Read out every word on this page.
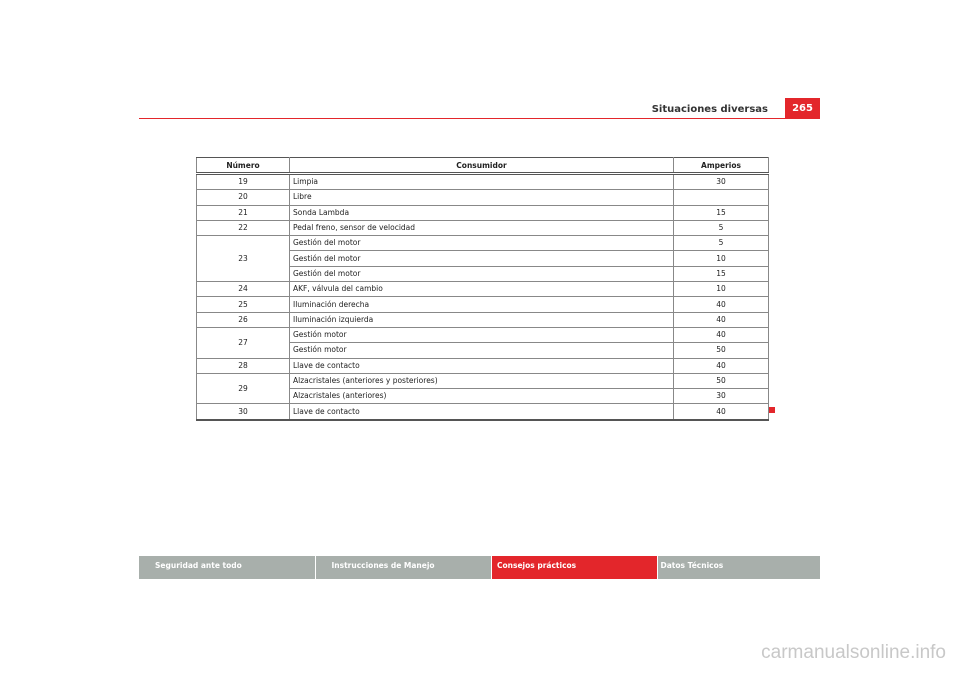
Situaciones diversas	265
Número	Consumidor	Amperios
19	Limpia	30
20	Libre	
21	Sonda Lambda	15
22	Pedal freno, sensor de velocidad	5
23	Gestión del motor	5
	Gestión del motor	10
	Gestión del motor	15
24	AKF, válvula del cambio	10
25	Iluminación derecha	40
26	Iluminación izquierda	40
27	Gestión motor	40
	Gestión motor	50
28	Llave de contacto	40
29	Alzacristales (anteriores y posteriores)	50
	Alzacristales (anteriores)	30
30	Llave de contacto	40
Seguridad ante todo	Instrucciones de Manejo	Consejos prácticos	Datos Técnicos
carmanualsonline.info
